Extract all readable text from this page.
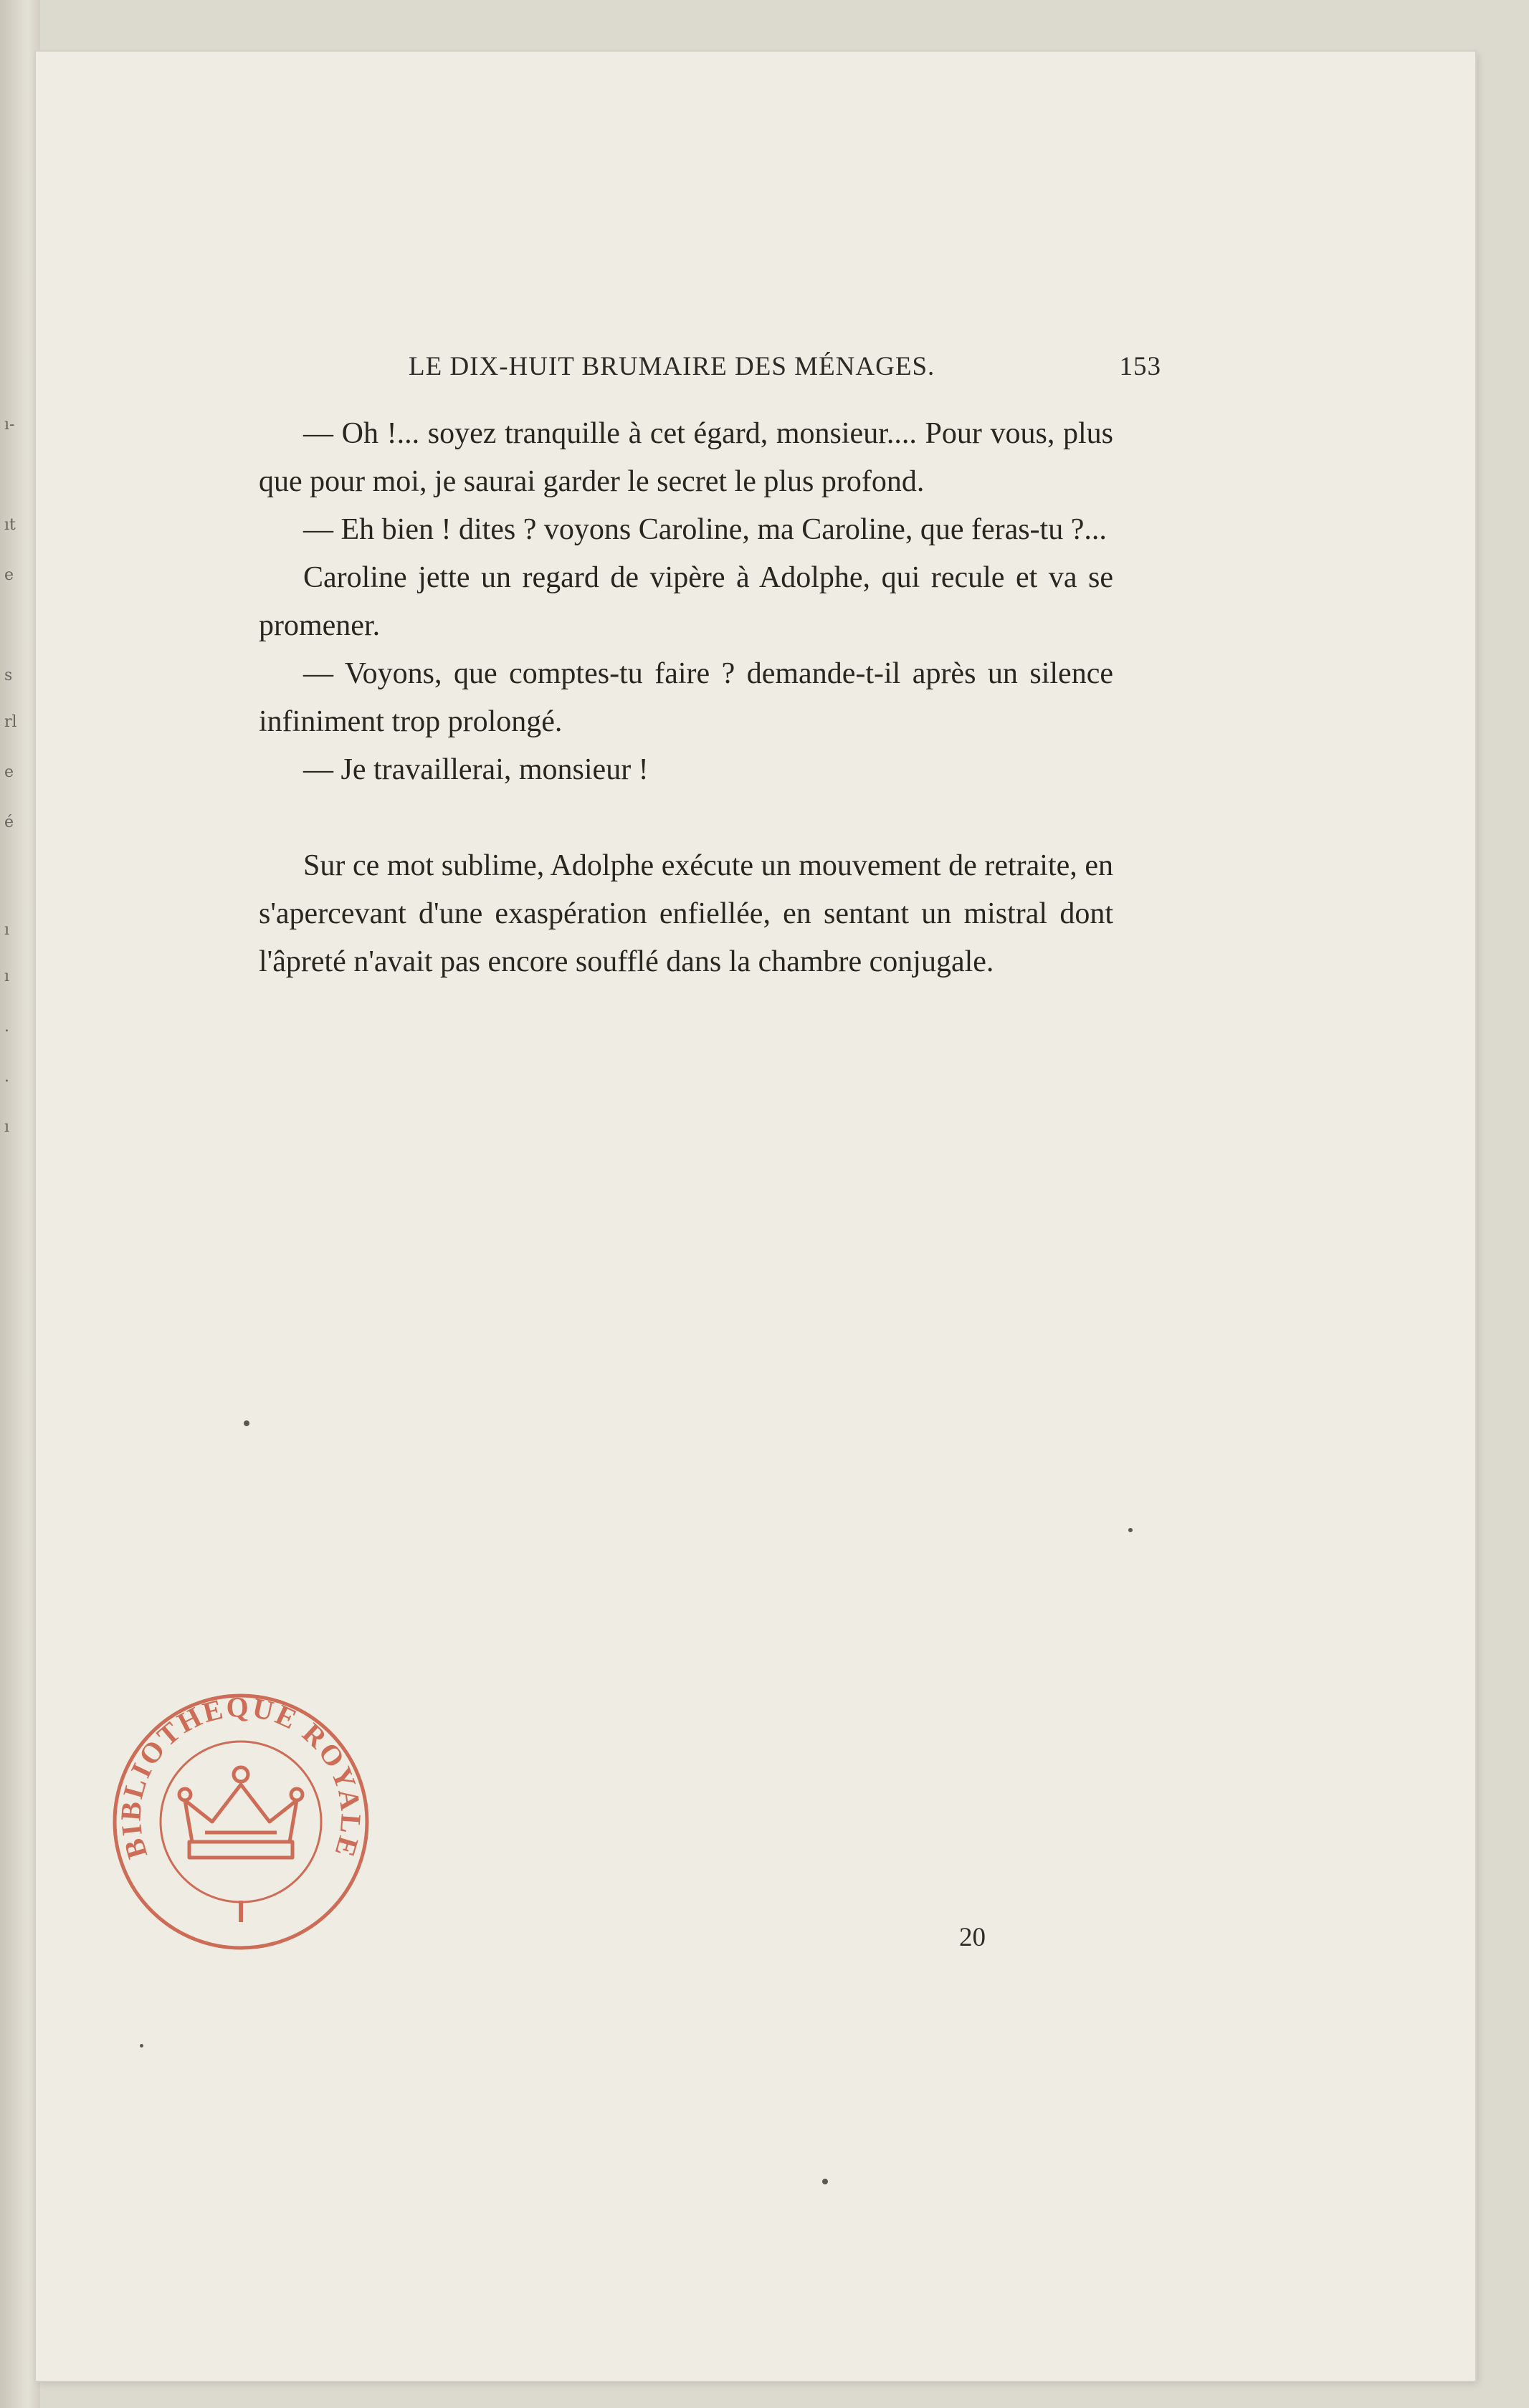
ı-
ıt
e
s
rl
e
é
ı
ı
.
.
ı
LE DIX-HUIT BRUMAIRE DES MÉNAGES.	153

— Oh !... soyez tranquille à cet égard, monsieur.... Pour vous, plus que pour moi, je saurai garder le secret le plus profond.

— Eh bien ! dites ? voyons Caroline, ma Caroline, que feras-tu ?...

Caroline jette un regard de vipère à Adolphe, qui recule et va se promener.

— Voyons, que comptes-tu faire ? demande-t-il après un silence infiniment trop prolongé.

— Je travaillerai, monsieur !

Sur ce mot sublime, Adolphe exécute un mouvement de retraite, en s'apercevant d'une exaspération enfiellée, en sentant un mistral dont l'âpreté n'avait pas encore soufflé dans la chambre conjugale.

BIBLIOTHEQUE ROYALE
20
